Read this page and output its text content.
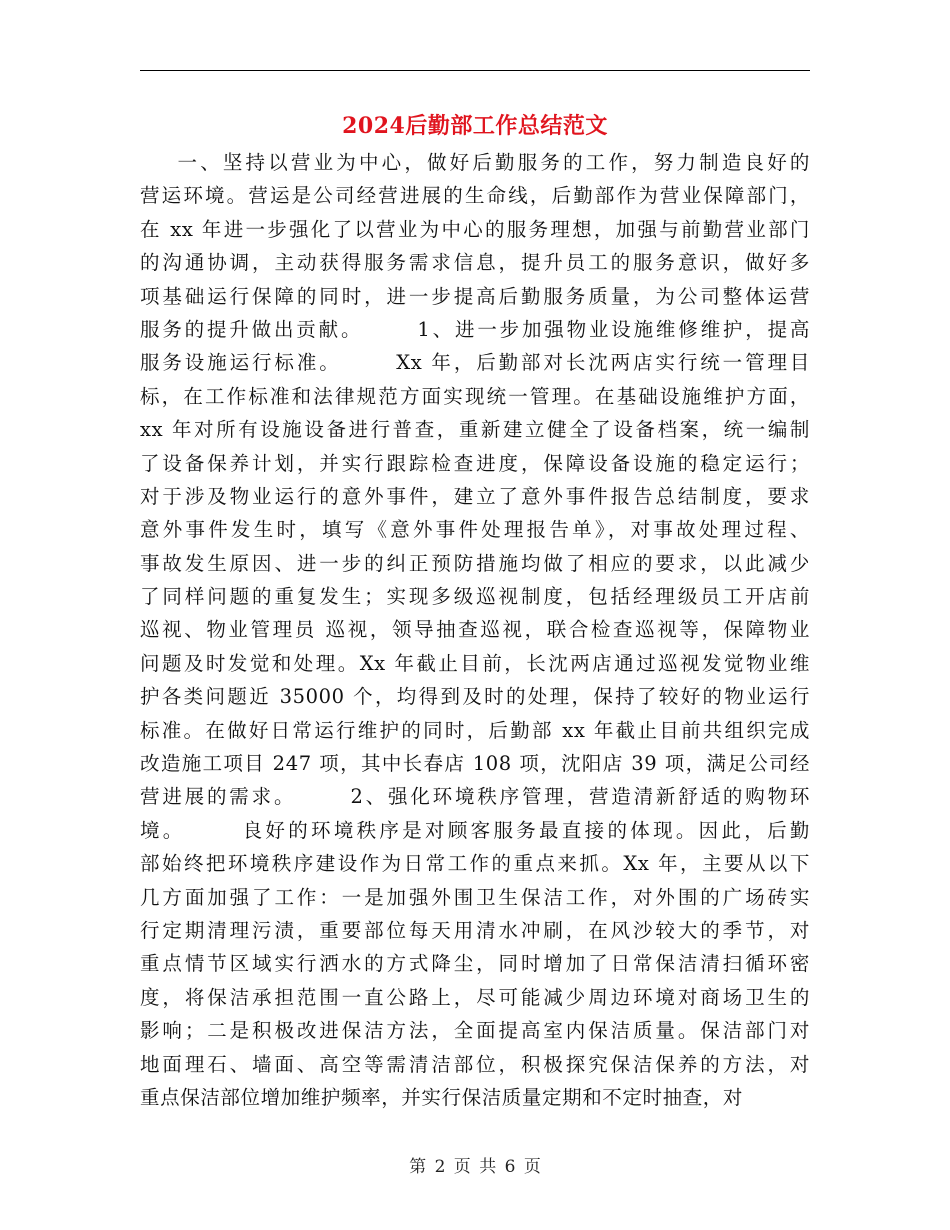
2024后勤部工作总结范文
一、坚持以营业为中心，做好后勤服务的工作，努力制造良好的
营运环境。营运是公司经营进展的生命线，后勤部作为营业保障部门，
在 xx 年进一步强化了以营业为中心的服务理想，加强与前勤营业部门
的沟通协调，主动获得服务需求信息，提升员工的服务意识，做好多
项基础运行保障的同时，进一步提高后勤服务质量，为公司整体运营
服务的提升做出贡献。      1、进一步加强物业设施维修维护，提高
服务设施运行标准。      Xx 年，后勤部对长沈两店实行统一管理目
标，在工作标准和法律规范方面实现统一管理。在基础设施维护方面，
xx 年对所有设施设备进行普查，重新建立健全了设备档案，统一编制
了设备保养计划，并实行跟踪检查进度，保障设备设施的稳定运行；
对于涉及物业运行的意外事件，建立了意外事件报告总结制度，要求
意外事件发生时，填写《意外事件处理报告单》，对事故处理过程、
事故发生原因、进一步的纠正预防措施均做了相应的要求，以此减少
了同样问题的重复发生；实现多级巡视制度，包括经理级员工开店前
巡视、物业管理员 巡视，领导抽查巡视，联合检查巡视等，保障物业
问题及时发觉和处理。Xx 年截止目前，长沈两店通过巡视发觉物业维
护各类问题近 35000 个，均得到及时的处理，保持了较好的物业运行
标准。在做好日常运行维护的同时，后勤部 xx 年截止目前共组织完成
改造施工项目 247 项，其中长春店 108 项，沈阳店 39 项，满足公司经
营进展的需求。      2、强化环境秩序管理，营造清新舒适的购物环
境。      良好的环境秩序是对顾客服务最直接的体现。因此，后勤
部始终把环境秩序建设作为日常工作的重点来抓。Xx 年，主要从以下
几方面加强了工作：一是加强外围卫生保洁工作，对外围的广场砖实
行定期清理污渍，重要部位每天用清水冲刷，在风沙较大的季节，对
重点情节区域实行洒水的方式降尘，同时增加了日常保洁清扫循环密
度，将保洁承担范围一直公路上，尽可能减少周边环境对商场卫生的
影响；二是积极改进保洁方法，全面提高室内保洁质量。保洁部门对
地面理石、墙面、高空等需清洁部位，积极探究保洁保养的方法，对
重点保洁部位增加维护频率，并实行保洁质量定期和不定时抽查，对
第 2 页 共 6 页
